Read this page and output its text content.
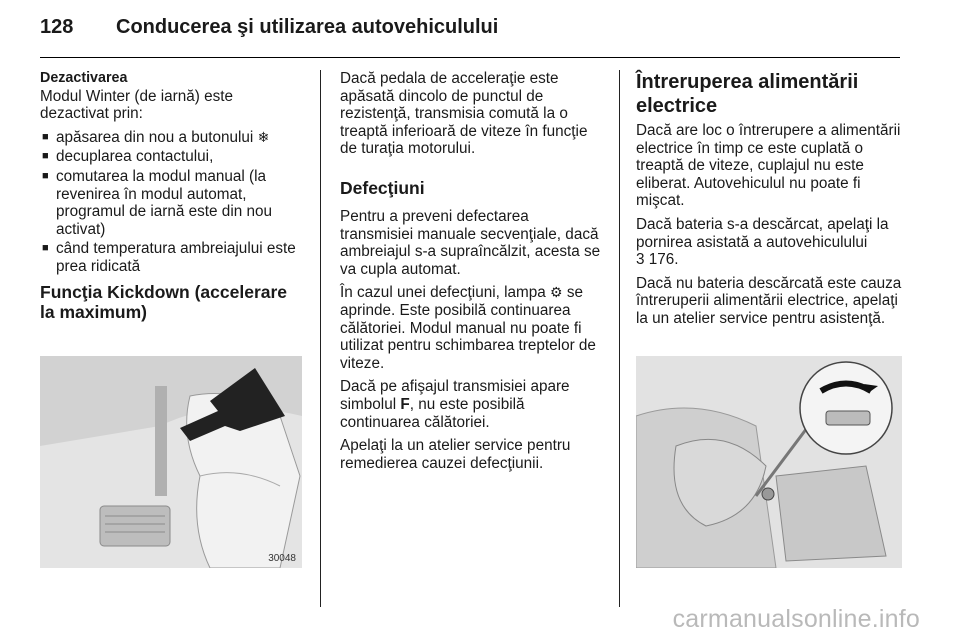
128 Conducerea şi utilizarea autovehiculului

Dezactivarea

Modul Winter (de iarnă) este dezactivat prin:

■ apăsarea din nou a butonului ❄
■ decuplarea contactului,
■ comutarea la modul manual (la revenirea în modul automat, programul de iarnă este din nou activat)
■ când temperatura ambreiajului este prea ridicată
Funcţia Kickdown (accelerare la maximum)
30048

Dacă pedala de acceleraţie este apăsată dincolo de punctul de rezistenţă, transmisia comută la o treaptă inferioară de viteze în funcţie de turaţia motorului.

Defecţiuni

Pentru a preveni defectarea transmisiei manuale secvenţiale, dacă ambreiajul s-a supraîncălzit, acesta se va cupla automat.

În cazul unei defecţiuni, lampa ⚙ se aprinde. Este posibilă continuarea călătoriei. Modul manual nu poate fi utilizat pentru schimbarea treptelor de viteze.

Dacă pe afişajul transmisiei apare simbolul F, nu este posibilă continuarea călătoriei.

Apelaţi la un atelier service pentru remedierea cauzei defecţiunii.

Întreruperea alimentării electrice

Dacă are loc o întrerupere a alimentării electrice în timp ce este cuplată o treaptă de viteze, cuplajul nu este eliberat. Autovehiculul nu poate fi mişcat.

Dacă bateria s-a descărcat, apelaţi la pornirea asistată a autovehiculului
3 176.

Dacă nu bateria descărcată este cauza întreruperii alimentării electrice, apelaţi la un atelier service pentru asistenţă.

carmanualsonline.info
